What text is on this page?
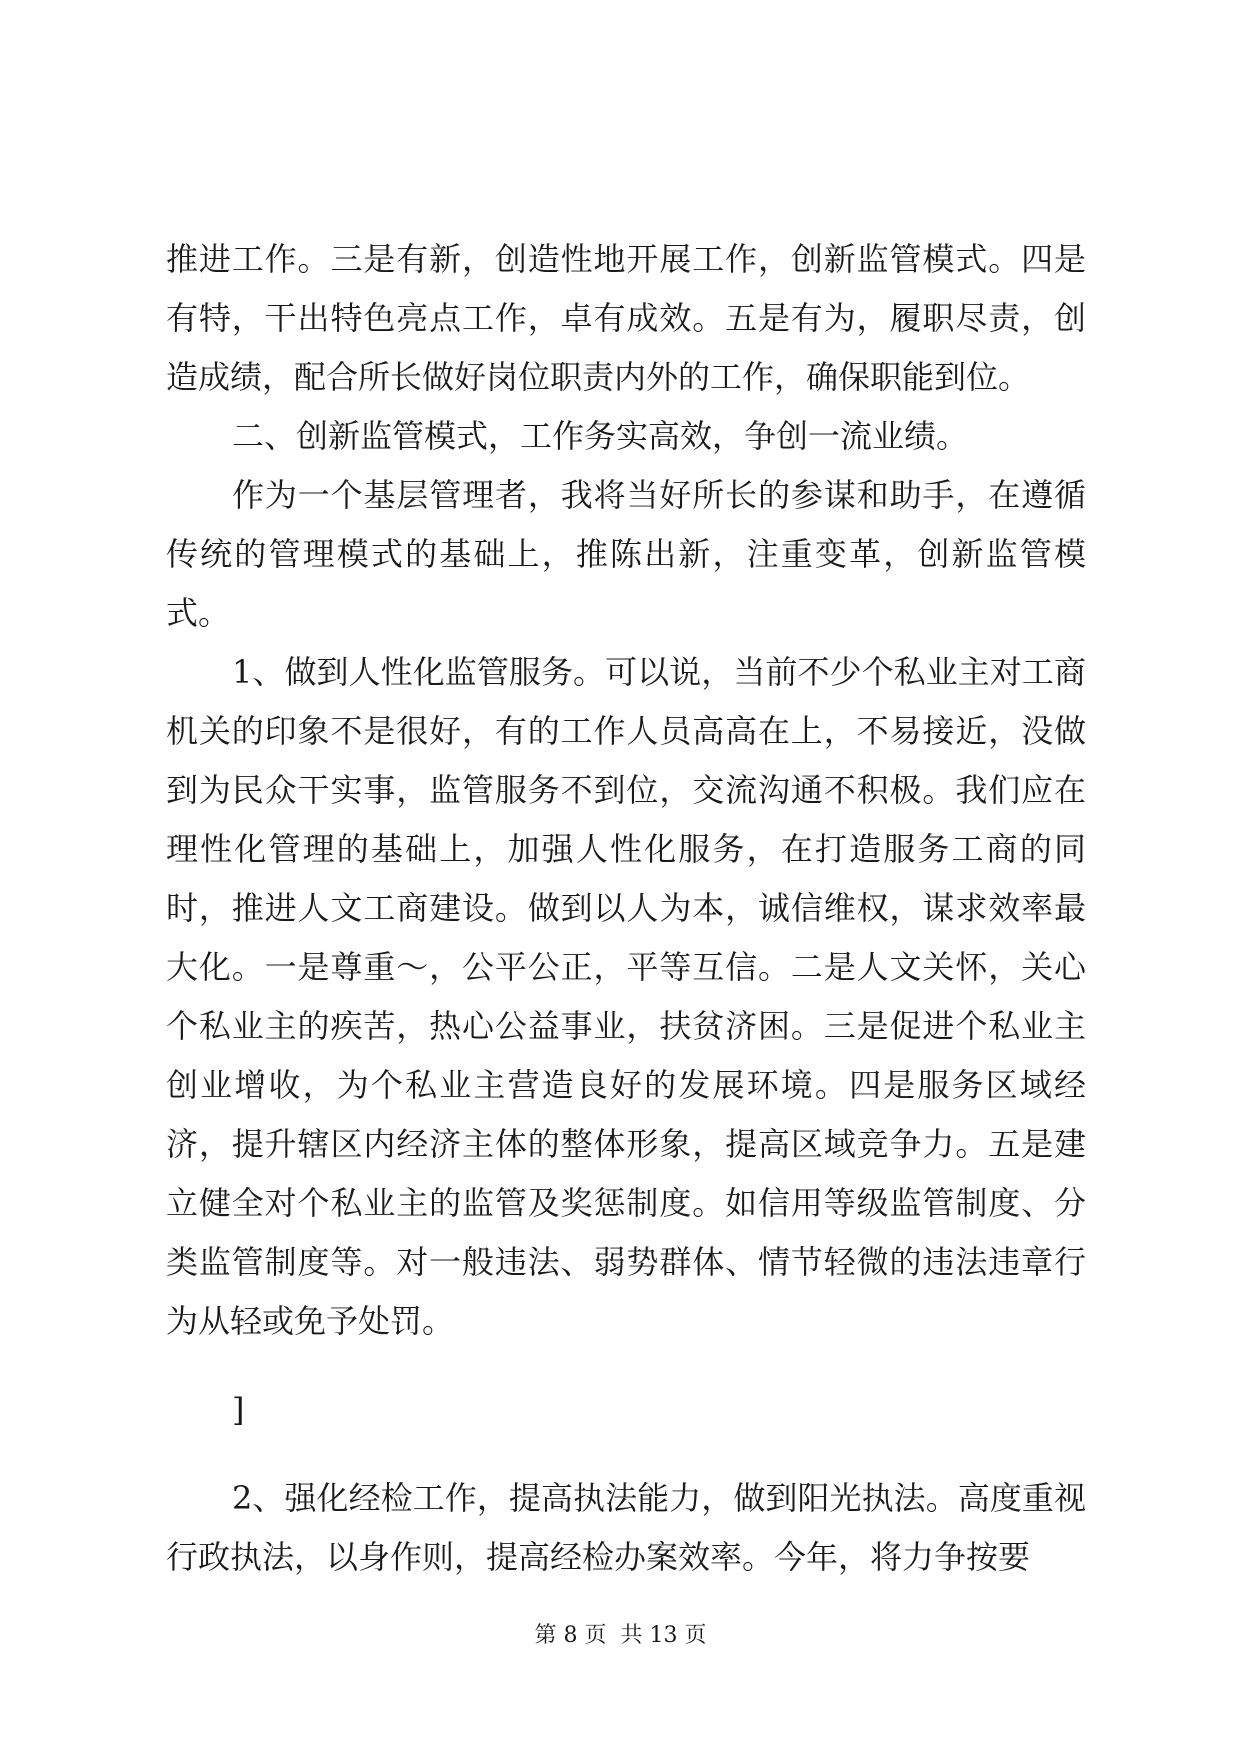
推进工作。三是有新，创造性地开展工作，创新监管模式。四是有特，干出特色亮点工作，卓有成效。五是有为，履职尽责，创造成绩，配合所长做好岗位职责内外的工作，确保职能到位。

二、创新监管模式，工作务实高效，争创一流业绩。

作为一个基层管理者，我将当好所长的参谋和助手，在遵循传统的管理模式的基础上，推陈出新，注重变革，创新监管模式。

1、做到人性化监管服务。可以说，当前不少个私业主对工商机关的印象不是很好，有的工作人员高高在上，不易接近，没做到为民众干实事，监管服务不到位，交流沟通不积极。我们应在理性化管理的基础上，加强人性化服务，在打造服务工商的同时，推进人文工商建设。做到以人为本，诚信维权，谋求效率最大化。一是尊重～，公平公正，平等互信。二是人文关怀，关心个私业主的疾苦，热心公益事业，扶贫济困。三是促进个私业主创业增收，为个私业主营造良好的发展环境。四是服务区域经济，提升辖区内经济主体的整体形象，提高区域竞争力。五是建立健全对个私业主的监管及奖惩制度。如信用等级监管制度、分类监管制度等。对一般违法、弱势群体、情节轻微的违法违章行为从轻或免予处罚。

]

2、强化经检工作，提高执法能力，做到阳光执法。高度重视行政执法，以身作则，提高经检办案效率。今年，将力争按要

第 8 页  共 13 页
